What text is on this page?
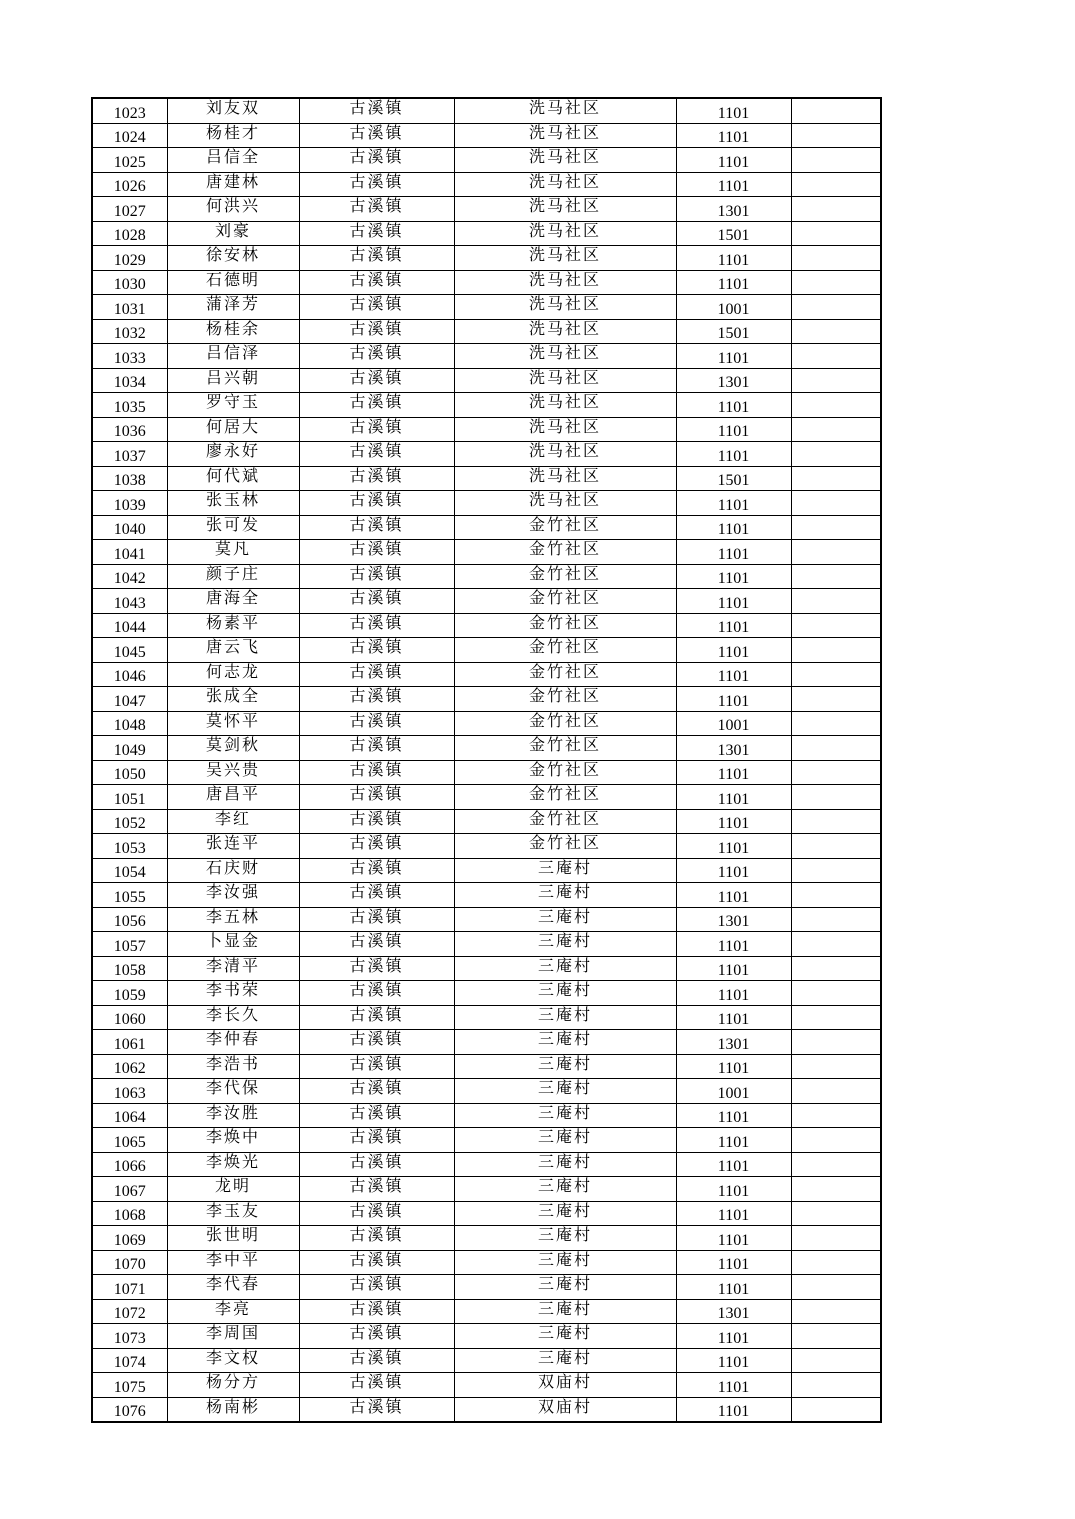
1023	刘友双	古溪镇	洗马社区	1101	
1024	杨桂才	古溪镇	洗马社区	1101	
1025	吕信全	古溪镇	洗马社区	1101	
1026	唐建林	古溪镇	洗马社区	1101	
1027	何洪兴	古溪镇	洗马社区	1301	
1028	刘豪	古溪镇	洗马社区	1501	
1029	徐安林	古溪镇	洗马社区	1101	
1030	石德明	古溪镇	洗马社区	1101	
1031	蒲泽芳	古溪镇	洗马社区	1001	
1032	杨桂余	古溪镇	洗马社区	1501	
1033	吕信泽	古溪镇	洗马社区	1101	
1034	吕兴朝	古溪镇	洗马社区	1301	
1035	罗守玉	古溪镇	洗马社区	1101	
1036	何居大	古溪镇	洗马社区	1101	
1037	廖永好	古溪镇	洗马社区	1101	
1038	何代斌	古溪镇	洗马社区	1501	
1039	张玉林	古溪镇	洗马社区	1101	
1040	张可发	古溪镇	金竹社区	1101	
1041	莫凡	古溪镇	金竹社区	1101	
1042	颜子庄	古溪镇	金竹社区	1101	
1043	唐海全	古溪镇	金竹社区	1101	
1044	杨素平	古溪镇	金竹社区	1101	
1045	唐云飞	古溪镇	金竹社区	1101	
1046	何志龙	古溪镇	金竹社区	1101	
1047	张成全	古溪镇	金竹社区	1101	
1048	莫怀平	古溪镇	金竹社区	1001	
1049	莫剑秋	古溪镇	金竹社区	1301	
1050	吴兴贵	古溪镇	金竹社区	1101	
1051	唐昌平	古溪镇	金竹社区	1101	
1052	李红	古溪镇	金竹社区	1101	
1053	张连平	古溪镇	金竹社区	1101	
1054	石庆财	古溪镇	三庵村	1101	
1055	李汝强	古溪镇	三庵村	1101	
1056	李五林	古溪镇	三庵村	1301	
1057	卜显金	古溪镇	三庵村	1101	
1058	李清平	古溪镇	三庵村	1101	
1059	李书荣	古溪镇	三庵村	1101	
1060	李长久	古溪镇	三庵村	1101	
1061	李仲春	古溪镇	三庵村	1301	
1062	李浩书	古溪镇	三庵村	1101	
1063	李代保	古溪镇	三庵村	1001	
1064	李汝胜	古溪镇	三庵村	1101	
1065	李焕中	古溪镇	三庵村	1101	
1066	李焕光	古溪镇	三庵村	1101	
1067	龙明	古溪镇	三庵村	1101	
1068	李玉友	古溪镇	三庵村	1101	
1069	张世明	古溪镇	三庵村	1101	
1070	李中平	古溪镇	三庵村	1101	
1071	李代春	古溪镇	三庵村	1101	
1072	李亮	古溪镇	三庵村	1301	
1073	李周国	古溪镇	三庵村	1101	
1074	李文权	古溪镇	三庵村	1101	
1075	杨分方	古溪镇	双庙村	1101	
1076	杨南彬	古溪镇	双庙村	1101	
